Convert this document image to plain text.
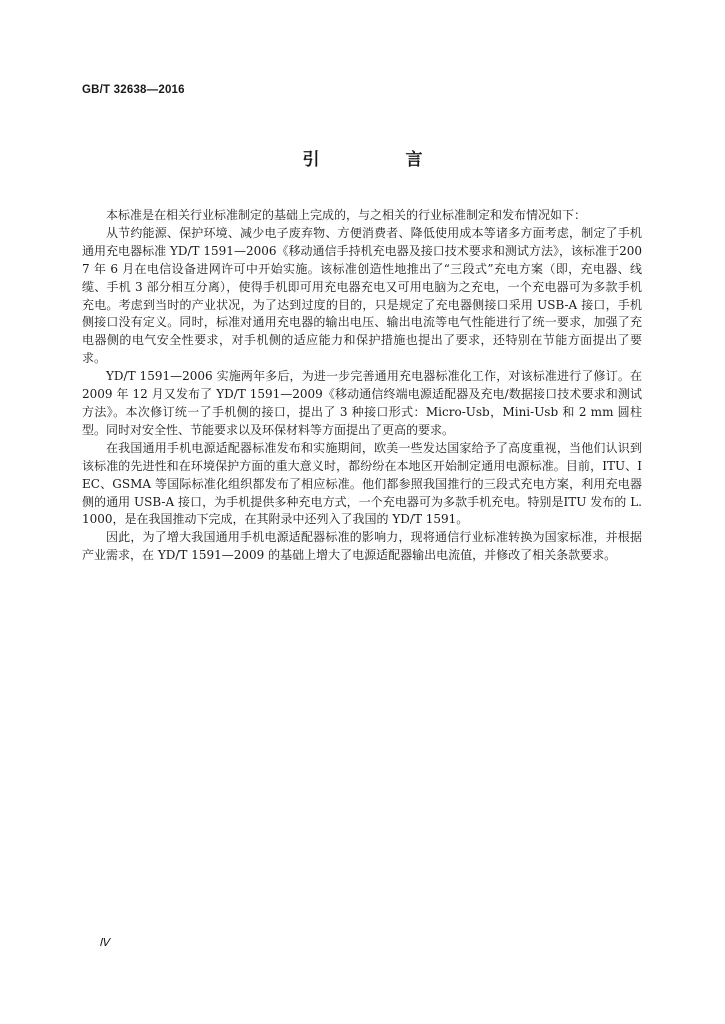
GB/T 32638—2016
引 言

本标准是在相关行业标准制定的基础上完成的，与之相关的行业标准制定和发布情况如下：

从节约能源、保护环境、减少电子废弃物、方便消费者、降低使用成本等诸多方面考虑，制定了手机通用充电器标准 YD/T 1591—2006《移动通信手持机充电器及接口技术要求和测试方法》，该标准于2007 年 6 月在电信设备进网许可中开始实施。该标准创造性地推出了“三段式”充电方案（即，充电器、线缆、手机 3 部分相互分离），使得手机即可用充电器充电又可用电脑为之充电，一个充电器可为多款手机充电。考虑到当时的产业状况，为了达到过度的目的，只是规定了充电器侧接口采用 USB-A 接口，手机侧接口没有定义。同时，标准对通用充电器的输出电压、输出电流等电气性能进行了统一要求，加强了充电器侧的电气安全性要求，对手机侧的适应能力和保护措施也提出了要求，还特别在节能方面提出了要求。

YD/T 1591—2006 实施两年多后，为进一步完善通用充电器标准化工作，对该标准进行了修订。在 2009 年 12 月又发布了 YD/T 1591—2009《移动通信终端电源适配器及充电/数据接口技术要求和测试方法》。本次修订统一了手机侧的接口，提出了 3 种接口形式：Micro-Usb，Mini-Usb 和 2 mm 圆柱型。同时对安全性、节能要求以及环保材料等方面提出了更高的要求。

在我国通用手机电源适配器标准发布和实施期间，欧美一些发达国家给予了高度重视，当他们认识到该标准的先进性和在环境保护方面的重大意义时，都纷纷在本地区开始制定通用电源标准。目前，ITU、IEC、GSMA 等国际标准化组织都发布了相应标准。他们都参照我国推行的三段式充电方案，利用充电器侧的通用 USB-A 接口，为手机提供多种充电方式，一个充电器可为多款手机充电。特别是ITU 发布的 L.1000，是在我国推动下完成，在其附录中还列入了我国的 YD/T 1591。

因此，为了增大我国通用手机电源适配器标准的影响力，现将通信行业标准转换为国家标准，并根据产业需求，在 YD/T 1591—2009 的基础上增大了电源适配器输出电流值，并修改了相关条款要求。

Ⅳ
